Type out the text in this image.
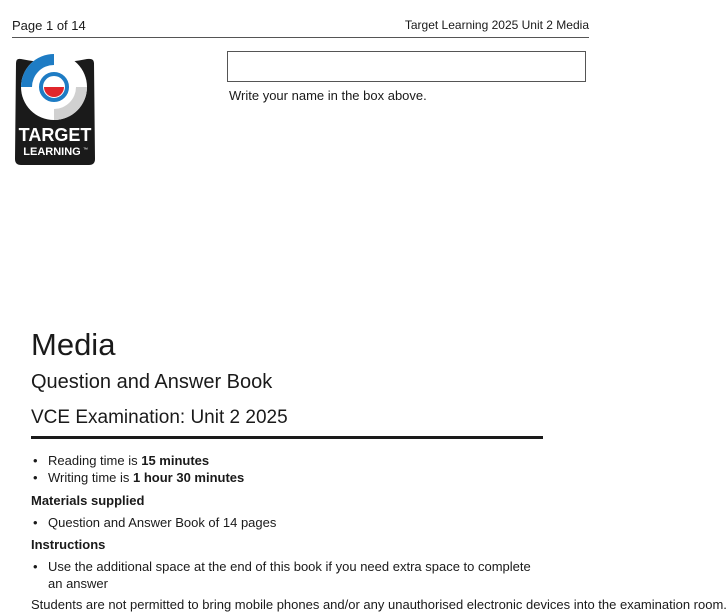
Page 1 of 14	Target Learning 2025 Unit 2 Media
TARGET
LEARNING ™
Write your name in the box above.
Media
Question and Answer Book
VCE Examination: Unit 2 2025
• Reading time is 15 minutes
• Writing time is 1 hour 30 minutes
Materials supplied
• Question and Answer Book of 14 pages
Instructions
• Use the additional space at the end of this book if you need extra space to complete an answer
Students are not permitted to bring mobile phones and/or any unauthorised electronic devices into the examination room.
